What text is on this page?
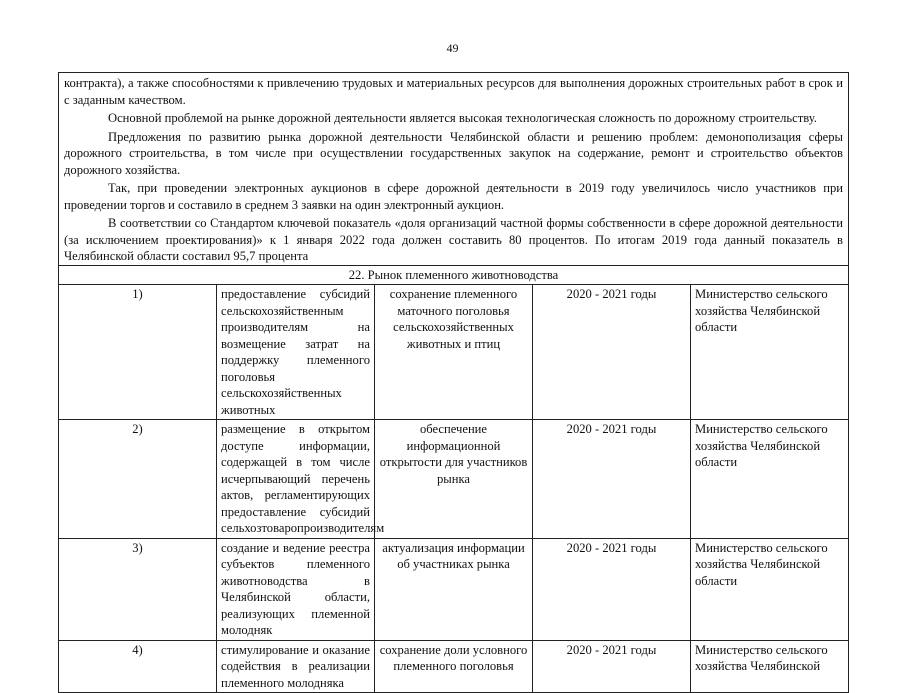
49

контракта), а также способностями к привлечению трудовых и материальных ресурсов для выполнения дорожных строительных работ в срок и с заданным качеством.

Основной проблемой на рынке дорожной деятельности является высокая технологическая сложность по дорожному строительству.

Предложения по развитию рынка дорожной деятельности Челябинской области и решению проблем: демонополизация сферы дорожного строительства, в том числе при осуществлении государственных закупок на содержание, ремонт и строительство объектов дорожного хозяйства.

Так, при проведении электронных аукционов в сфере дорожной деятельности в 2019 году увеличилось число участников при проведении торгов и составило в среднем 3 заявки на один электронный аукцион.

В соответствии со Стандартом ключевой показатель «доля организаций частной формы собственности в сфере дорожной деятельности (за исключением проектирования)» к 1 января 2022 года должен составить 80 процентов. По итогам 2019 года данный показатель в Челябинской области составил 95,7 процента

22. Рынок племенного животноводства				
1)	предоставление субсидий сельскохозяйственным производителям на возмещение затрат на поддержку племенного поголовья сельскохозяйственных животных	сохранение племенного маточного поголовья сельскохозяйственных животных и птиц	2020 - 2021 годы	Министерство сельского хозяйства Челябинской области
2)	размещение в открытом доступе информации, содержащей в том числе исчерпывающий перечень актов, регламентирующих предоставление субсидий сельхозтоваропроизводителям	обеспечение информационной открытости для участников рынка	2020 - 2021 годы	Министерство сельского хозяйства Челябинской области
3)	создание и ведение реестра субъектов племенного животноводства в Челябинской области, реализующих племенной молодняк	актуализация информации об участниках рынка	2020 - 2021 годы	Министерство сельского хозяйства Челябинской области
4)	стимулирование и оказание содействия в реализации племенного молодняка	сохранение доли условного племенного поголовья	2020 - 2021 годы	Министерство сельского хозяйства Челябинской
